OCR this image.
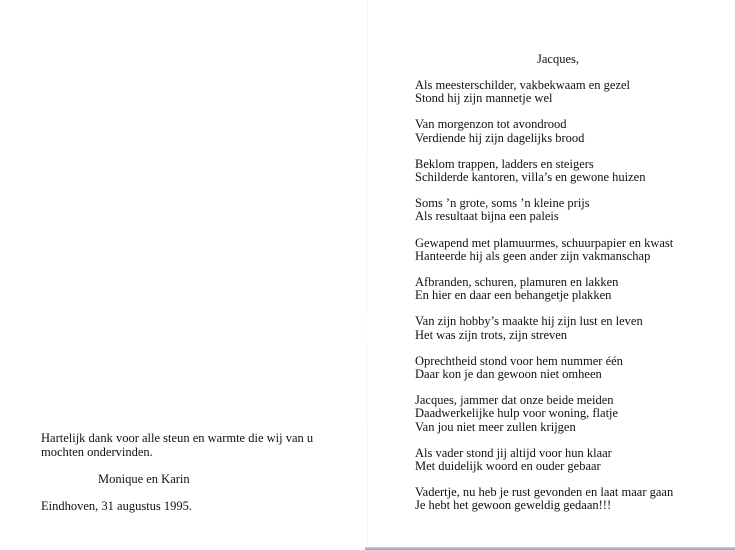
Hartelijk dank voor alle steun en warmte die wij van u
mochten ondervinden.
Monique en Karin
Eindhoven, 31 augustus 1995.
Jacques,
Als meesterschilder, vakbekwaam en gezel
Stond hij zijn mannetje wel
Van morgenzon tot avondrood
Verdiende hij zijn dagelijks brood
Beklom trappen, ladders en steigers
Schilderde kantoren, villa’s en gewone huizen
Soms ’n grote, soms ’n kleine prijs
Als resultaat bijna een paleis
Gewapend met plamuurmes, schuurpapier en kwast
Hanteerde hij als geen ander zijn vakmanschap
Afbranden, schuren, plamuren en lakken
En hier en daar een behangetje plakken
Van zijn hobby’s maakte hij zijn lust en leven
Het was zijn trots, zijn streven
Oprechtheid stond voor hem nummer één
Daar kon je dan gewoon niet omheen
Jacques, jammer dat onze beide meiden
Daadwerkelijke hulp voor woning, flatje
Van jou niet meer zullen krijgen
Als vader stond jij altijd voor hun klaar
Met duidelijk woord en ouder gebaar
Vadertje, nu heb je rust gevonden en laat maar gaan
Je hebt het gewoon geweldig gedaan!!!
